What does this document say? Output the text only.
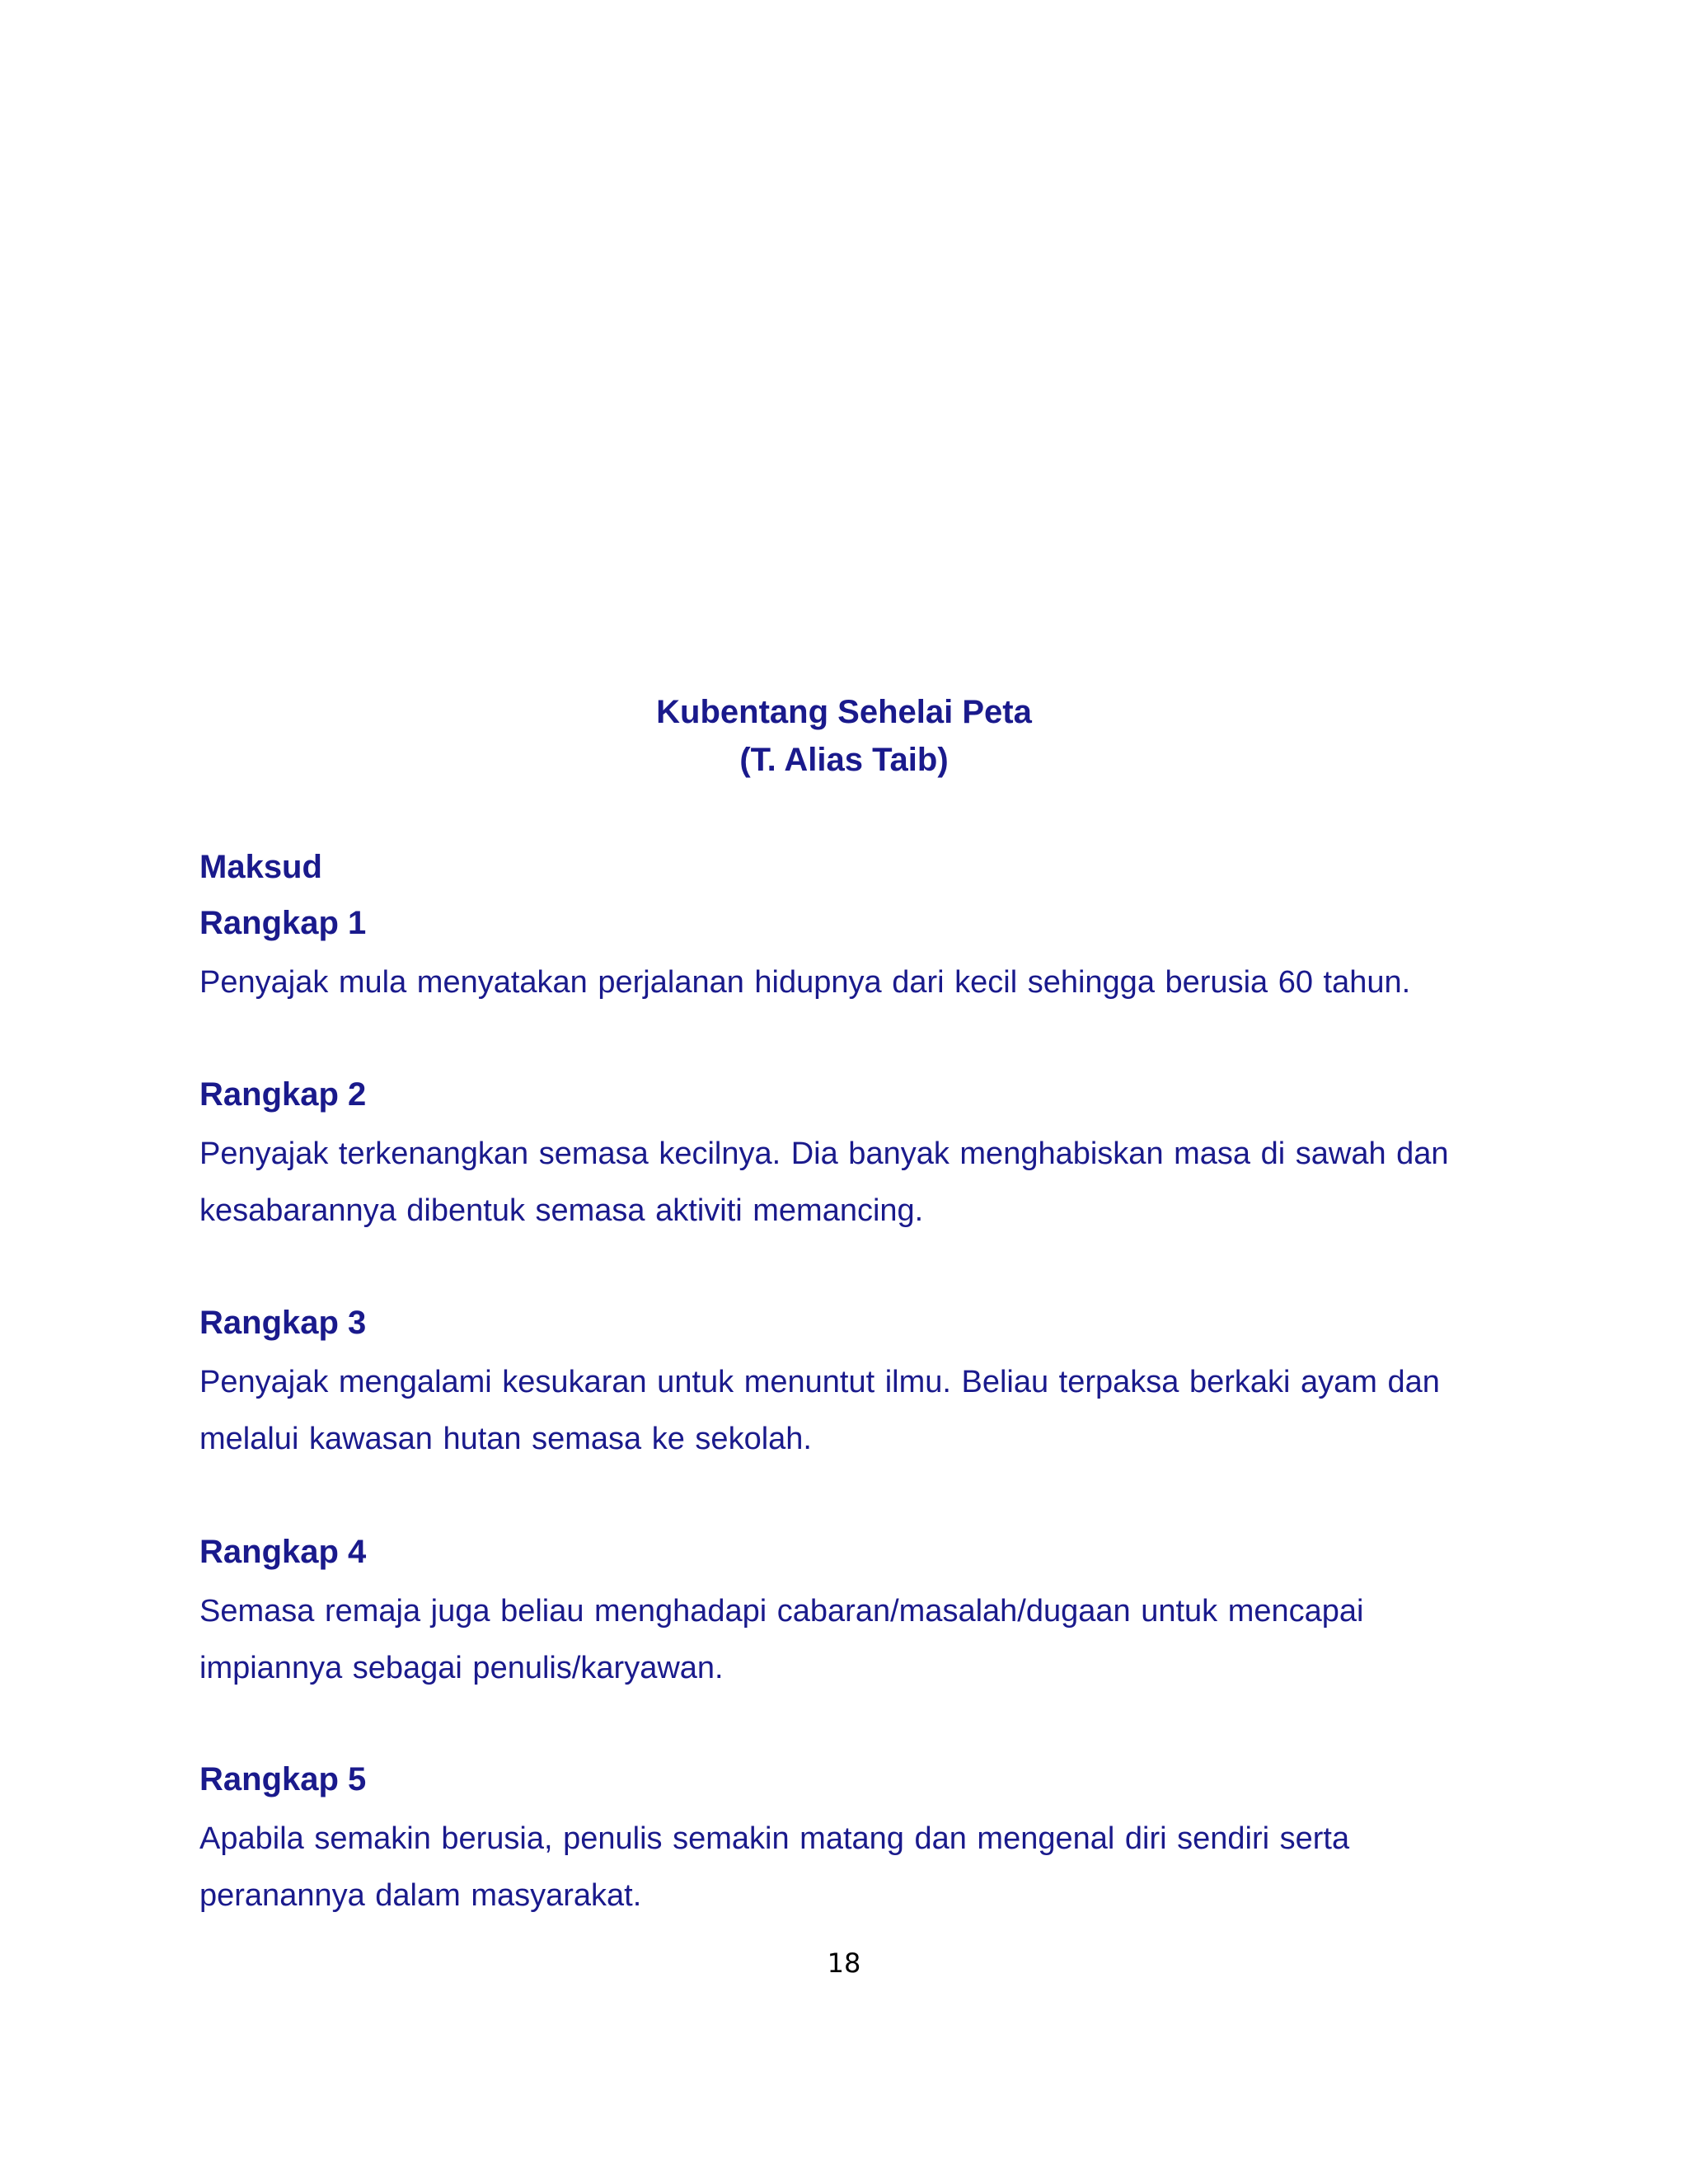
Kubentang Sehelai Peta
(T. Alias Taib)
Maksud
Rangkap 1
Penyajak mula menyatakan perjalanan hidupnya dari kecil sehingga berusia 60 tahun.
Rangkap 2
Penyajak terkenangkan semasa kecilnya. Dia banyak menghabiskan masa di sawah dan kesabarannya dibentuk semasa aktiviti memancing.
Rangkap 3
Penyajak mengalami kesukaran untuk menuntut ilmu. Beliau terpaksa berkaki ayam dan melalui kawasan hutan semasa ke sekolah.
Rangkap 4
Semasa remaja juga beliau menghadapi cabaran/masalah/dugaan untuk mencapai impiannya sebagai penulis/karyawan.
Rangkap 5
Apabila semakin berusia, penulis semakin matang dan mengenal diri sendiri serta peranannya dalam masyarakat.
18
